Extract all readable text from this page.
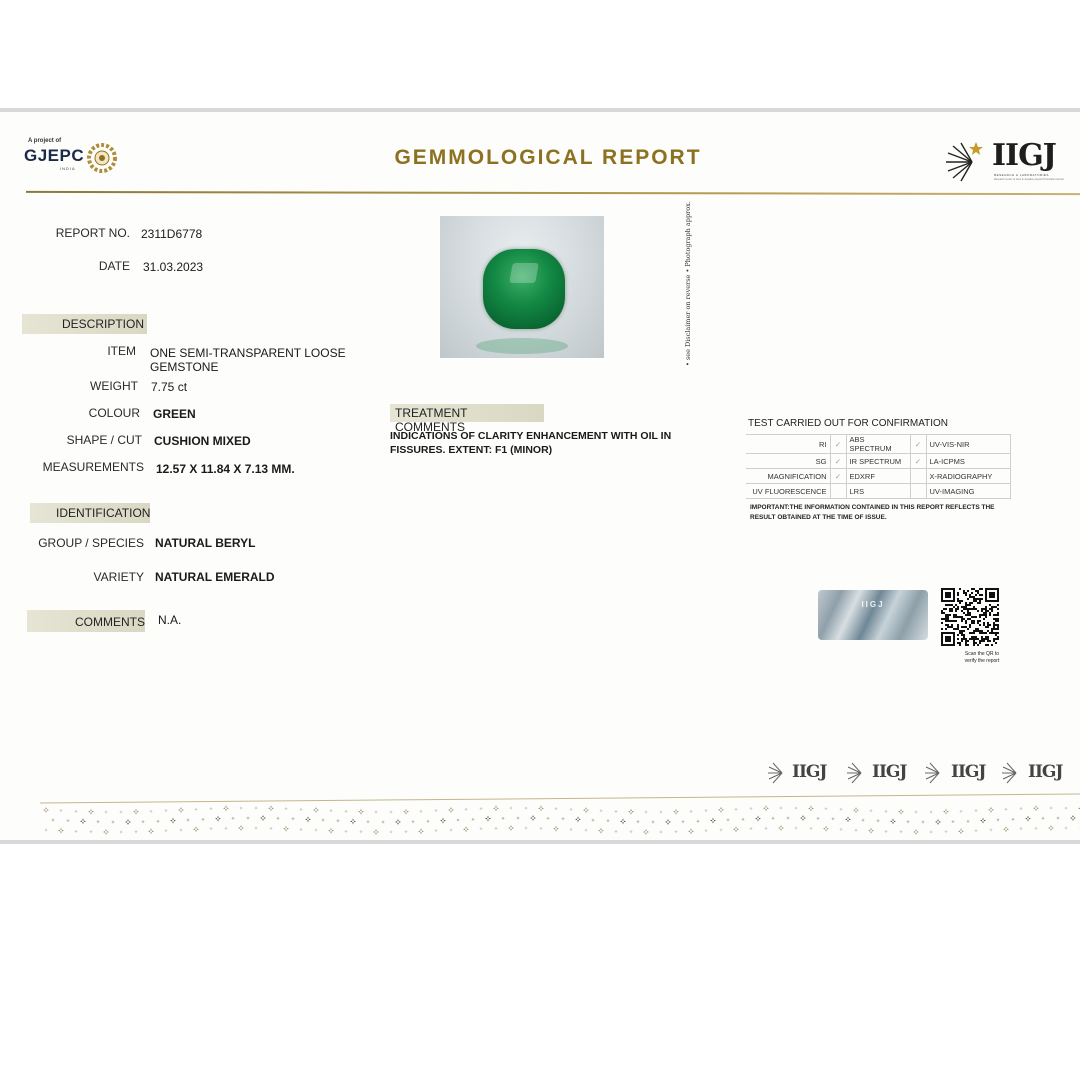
A project of
GJEPC
INDIA	GEMMOLOGICAL REPORT	IIGJ
RESEARCH & LABORATORIES
Research center of Gem & Jewellery Export Promotion Council
REPORT NO. 2311D6778
DATE 31.03.2023
DESCRIPTION
ITEM ONE SEMI-TRANSPARENT LOOSE
GEMSTONE
WEIGHT 7.75 ct
COLOUR GREEN
SHAPE / CUT CUSHION MIXED
MEASUREMENTS 12.57 X 11.84 X 7.13 MM.
IDENTIFICATION
GROUP / SPECIES NATURAL BERYL
VARIETY NATURAL EMERALD
COMMENTS N.A.
• see Disclaimer on reverse • Photograph approx.
TREATMENT COMMENTS
INDICATIONS OF CLARITY ENHANCEMENT WITH OIL IN
FISSURES. EXTENT: F1 (MINOR)
TEST CARRIED OUT FOR CONFIRMATION
RI	✓	ABS SPECTRUM	✓	UV-VIS-NIR
SG	✓	IR SPECTRUM	✓	LA-ICPMS
MAGNIFICATION	✓	EDXRF		X-RADIOGRAPHY
UV FLUORESCENCE		LRS		UV-IMAGING
IMPORTANT:THE INFORMATION CONTAINED IN THIS REPORT REFLECTS THE RESULT OBTAINED AT THE TIME OF ISSUE.
IIGJ
Scan the QR to
verify the report
IIGJ	IIGJ	IIGJ	IIGJ
